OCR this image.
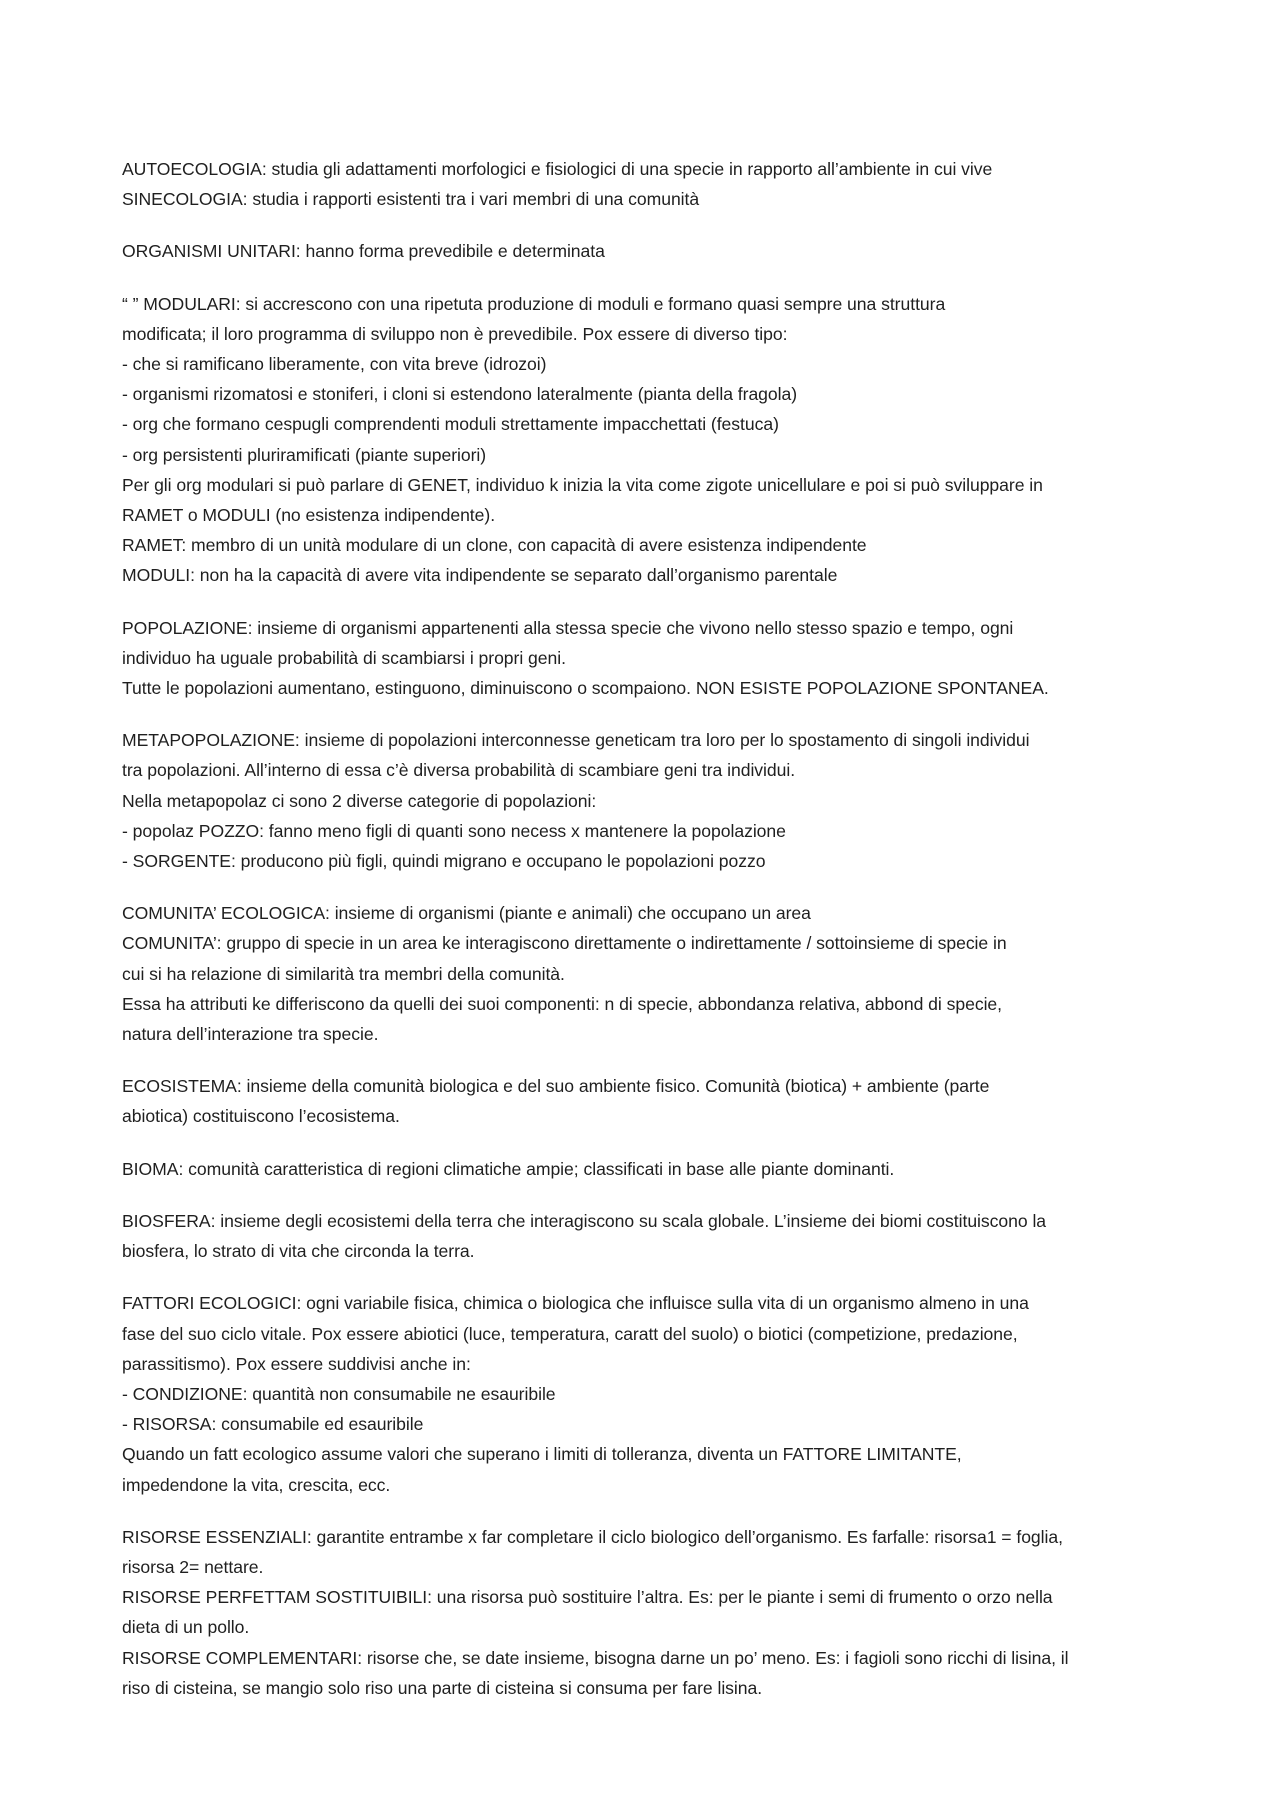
AUTOECOLOGIA: studia gli adattamenti morfologici e fisiologici di una specie in rapporto all’ambiente in cui vive
SINECOLOGIA: studia i rapporti esistenti tra i vari membri di una comunità
ORGANISMI UNITARI: hanno forma prevedibile e determinata
“ ” MODULARI: si accrescono con una ripetuta produzione di moduli e formano quasi sempre una struttura
modificata; il loro programma di sviluppo non è prevedibile. Pox essere di diverso tipo:
- che si ramificano liberamente, con vita breve (idrozoi)
- organismi rizomatosi e stoniferi, i cloni si estendono lateralmente (pianta della fragola)
- org che formano cespugli comprendenti moduli strettamente impacchettati (festuca)
- org persistenti pluriramificati (piante superiori)
Per gli org modulari si può parlare di GENET, individuo k inizia la vita come zigote unicellulare e poi si può sviluppare in
RAMET o MODULI (no esistenza indipendente).
RAMET: membro di un unità modulare di un clone, con capacità di avere esistenza indipendente
MODULI: non ha la capacità di avere vita indipendente se separato dall’organismo parentale
POPOLAZIONE: insieme di organismi appartenenti alla stessa specie che vivono nello stesso spazio e tempo, ogni
individuo ha uguale probabilità di scambiarsi i propri geni.
Tutte le popolazioni aumentano, estinguono, diminuiscono o scompaiono. NON ESISTE POPOLAZIONE SPONTANEA.
METAPOPOLAZIONE: insieme di popolazioni interconnesse geneticam tra loro per lo spostamento di singoli individui
tra popolazioni. All’interno di essa c’è diversa probabilità di scambiare geni tra individui.
Nella metapopolaz ci sono 2 diverse categorie di popolazioni:
- popolaz POZZO: fanno meno figli di quanti sono necess x mantenere la popolazione
- SORGENTE: producono più figli, quindi migrano e occupano le popolazioni pozzo
COMUNITA’ ECOLOGICA: insieme di organismi (piante e animali) che occupano un area
COMUNITA’: gruppo di specie in un area ke interagiscono direttamente o indirettamente / sottoinsieme di specie in
cui si ha relazione di similarità tra membri della comunità.
Essa ha attributi ke differiscono da quelli dei suoi componenti: n di specie, abbondanza relativa, abbond di specie,
natura dell’interazione tra specie.
ECOSISTEMA: insieme della comunità biologica e del suo ambiente fisico. Comunità (biotica) + ambiente (parte
abiotica) costituiscono l’ecosistema.
BIOMA: comunità caratteristica di regioni climatiche ampie; classificati in base alle piante dominanti.
BIOSFERA: insieme degli ecosistemi della terra che interagiscono su scala globale. L’insieme dei biomi costituiscono la
biosfera, lo strato di vita che circonda la terra.
FATTORI ECOLOGICI: ogni variabile fisica, chimica o biologica che influisce sulla vita di un organismo almeno in una
fase del suo ciclo vitale. Pox essere abiotici (luce, temperatura, caratt del suolo) o biotici (competizione, predazione,
parassitismo). Pox essere suddivisi anche in:
- CONDIZIONE: quantità non consumabile ne esauribile
- RISORSA: consumabile ed esauribile
Quando un fatt ecologico assume valori che superano i limiti di tolleranza, diventa un FATTORE LIMITANTE,
impedendone la vita, crescita, ecc.
RISORSE ESSENZIALI: garantite entrambe x far completare il ciclo biologico dell’organismo. Es farfalle: risorsa1 = foglia,
risorsa 2= nettare.
RISORSE PERFETTAM SOSTITUIBILI: una risorsa può sostituire l’altra. Es: per le piante i semi di frumento o orzo nella
dieta di un pollo.
RISORSE COMPLEMENTARI: risorse che, se date insieme, bisogna darne un po’ meno. Es: i fagioli sono ricchi di lisina, il
riso di cisteina, se mangio solo riso una parte di cisteina si consuma per fare lisina.
